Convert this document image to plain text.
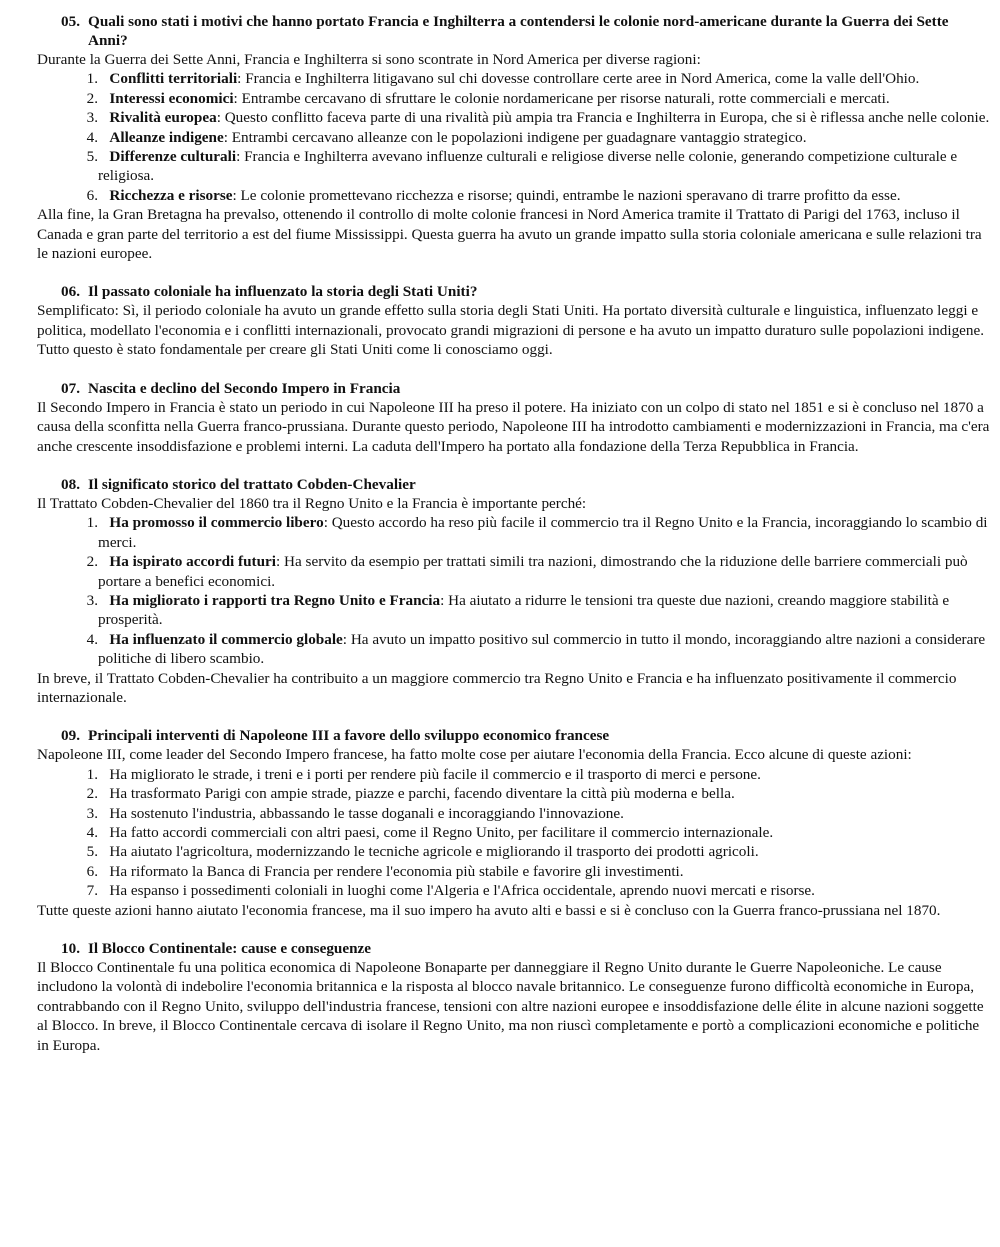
05. Quali sono stati i motivi che hanno portato Francia e Inghilterra a contendersi le colonie nord-americane durante la Guerra dei Sette Anni?

Durante la Guerra dei Sette Anni, Francia e Inghilterra si sono scontrate in Nord America per diverse ragioni:

1. Conflitti territoriali: Francia e Inghilterra litigavano sul chi dovesse controllare certe aree in Nord America, come la valle dell'Ohio.
2. Interessi economici: Entrambe cercavano di sfruttare le colonie nordamericane per risorse naturali, rotte commerciali e mercati.
3. Rivalità europea: Questo conflitto faceva parte di una rivalità più ampia tra Francia e Inghilterra in Europa, che si è riflessa anche nelle colonie.
4. Alleanze indigene: Entrambi cercavano alleanze con le popolazioni indigene per guadagnare vantaggio strategico.
5. Differenze culturali: Francia e Inghilterra avevano influenze culturali e religiose diverse nelle colonie, generando competizione culturale e religiosa.
6. Ricchezza e risorse: Le colonie promettevano ricchezza e risorse; quindi, entrambe le nazioni speravano di trarre profitto da esse.

Alla fine, la Gran Bretagna ha prevalso, ottenendo il controllo di molte colonie francesi in Nord America tramite il Trattato di Parigi del 1763, incluso il Canada e gran parte del territorio a est del fiume Mississippi. Questa guerra ha avuto un grande impatto sulla storia coloniale americana e sulle relazioni tra le nazioni europee.

06. Il passato coloniale ha influenzato la storia degli Stati Uniti?

Semplificato: Sì, il periodo coloniale ha avuto un grande effetto sulla storia degli Stati Uniti. Ha portato diversità culturale e linguistica, influenzato leggi e politica, modellato l'economia e i conflitti internazionali, provocato grandi migrazioni di persone e ha avuto un impatto duraturo sulle popolazioni indigene. Tutto questo è stato fondamentale per creare gli Stati Uniti come li conosciamo oggi.

07. Nascita e declino del Secondo Impero in Francia

Il Secondo Impero in Francia è stato un periodo in cui Napoleone III ha preso il potere. Ha iniziato con un colpo di stato nel 1851 e si è concluso nel 1870 a causa della sconfitta nella Guerra franco-prussiana. Durante questo periodo, Napoleone III ha introdotto cambiamenti e modernizzazioni in Francia, ma c'era anche crescente insoddisfazione e problemi interni. La caduta dell'Impero ha portato alla fondazione della Terza Repubblica in Francia.

08. Il significato storico del trattato Cobden-Chevalier

Il Trattato Cobden-Chevalier del 1860 tra il Regno Unito e la Francia è importante perché:

1. Ha promosso il commercio libero: Questo accordo ha reso più facile il commercio tra il Regno Unito e la Francia, incoraggiando lo scambio di merci.
2. Ha ispirato accordi futuri: Ha servito da esempio per trattati simili tra nazioni, dimostrando che la riduzione delle barriere commerciali può portare a benefici economici.
3. Ha migliorato i rapporti tra Regno Unito e Francia: Ha aiutato a ridurre le tensioni tra queste due nazioni, creando maggiore stabilità e prosperità.
4. Ha influenzato il commercio globale: Ha avuto un impatto positivo sul commercio in tutto il mondo, incoraggiando altre nazioni a considerare politiche di libero scambio.

In breve, il Trattato Cobden-Chevalier ha contribuito a un maggiore commercio tra Regno Unito e Francia e ha influenzato positivamente il commercio internazionale.

09. Principali interventi di Napoleone III a favore dello sviluppo economico francese

Napoleone III, come leader del Secondo Impero francese, ha fatto molte cose per aiutare l'economia della Francia. Ecco alcune di queste azioni:

1. Ha migliorato le strade, i treni e i porti per rendere più facile il commercio e il trasporto di merci e persone.
2. Ha trasformato Parigi con ampie strade, piazze e parchi, facendo diventare la città più moderna e bella.
3. Ha sostenuto l'industria, abbassando le tasse doganali e incoraggiando l'innovazione.
4. Ha fatto accordi commerciali con altri paesi, come il Regno Unito, per facilitare il commercio internazionale.
5. Ha aiutato l'agricoltura, modernizzando le tecniche agricole e migliorando il trasporto dei prodotti agricoli.
6. Ha riformato la Banca di Francia per rendere l'economia più stabile e favorire gli investimenti.
7. Ha espanso i possedimenti coloniali in luoghi come l'Algeria e l'Africa occidentale, aprendo nuovi mercati e risorse.

Tutte queste azioni hanno aiutato l'economia francese, ma il suo impero ha avuto alti e bassi e si è concluso con la Guerra franco-prussiana nel 1870.

10. Il Blocco Continentale: cause e conseguenze

Il Blocco Continentale fu una politica economica di Napoleone Bonaparte per danneggiare il Regno Unito durante le Guerre Napoleoniche. Le cause includono la volontà di indebolire l'economia britannica e la risposta al blocco navale britannico. Le conseguenze furono difficoltà economiche in Europa, contrabbando con il Regno Unito, sviluppo dell'industria francese, tensioni con altre nazioni europee e insoddisfazione delle élite in alcune nazioni soggette al Blocco. In breve, il Blocco Continentale cercava di isolare il Regno Unito, ma non riuscì completamente e portò a complicazioni economiche e politiche in Europa.
